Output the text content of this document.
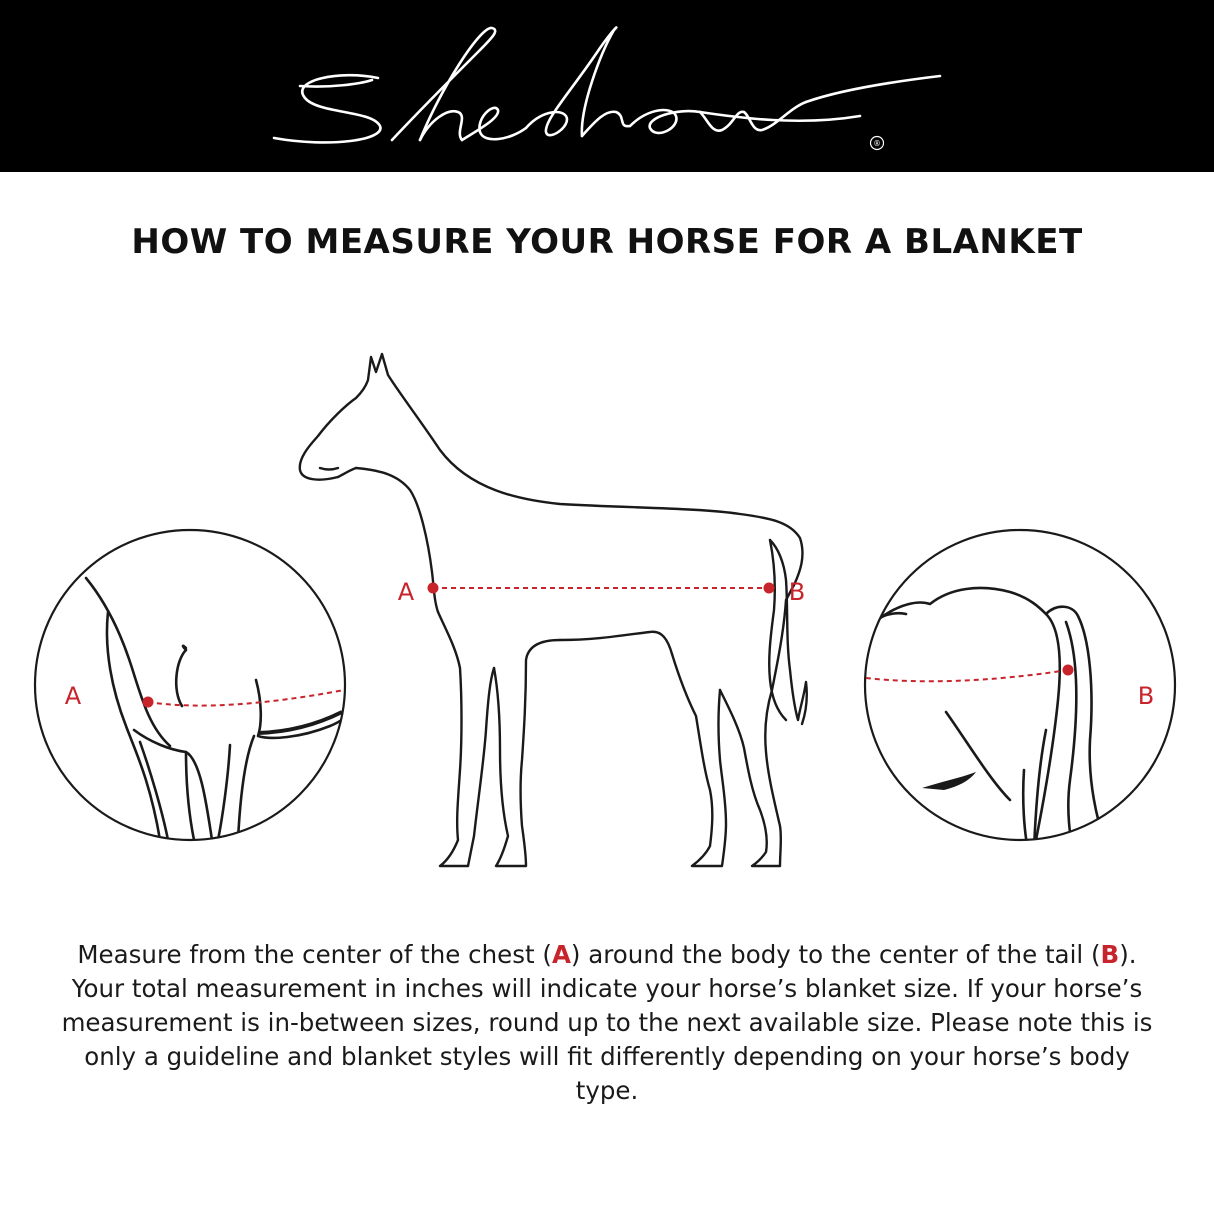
®
HOW TO MEASURE YOUR HORSE FOR A BLANKET
A	B
A	B
Measure from the center of the chest (A) around the body to the center of the tail (B). Your total measurement in inches will indicate your horse’s blanket size. If your horse’s measurement is in-between sizes, round up to the next available size. Please note this is only a guideline and blanket styles will fit differently depending on your horse’s body type.
